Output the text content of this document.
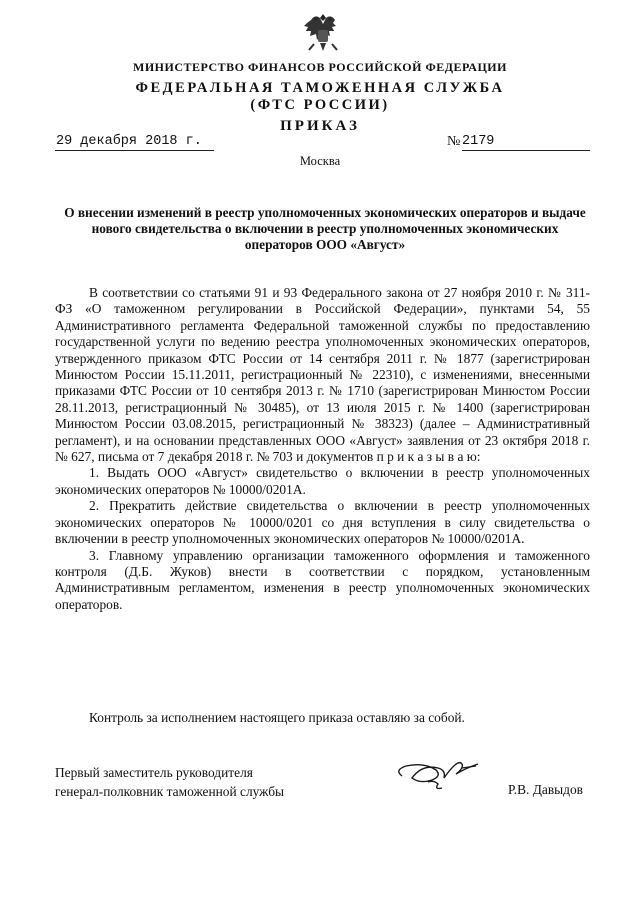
МИНИСТЕРСТВО ФИНАНСОВ РОССИЙСКОЙ ФЕДЕРАЦИИ
ФЕДЕРАЛЬНАЯ ТАМОЖЕННАЯ СЛУЖБА
(ФТС РОССИИ)
ПРИКАЗ
29 декабря 2018 г.	№ 2179
Москва
О внесении изменений в реестр уполномоченных экономических операторов и выдаче нового свидетельства о включении в реестр уполномоченных экономических операторов ООО «Август»

В соответствии со статьями 91 и 93 Федерального закона от 27 ноября 2010 г. № 311-ФЗ «О таможенном регулировании в Российской Федерации», пунктами 54, 55 Административного регламента Федеральной таможенной службы по предоставлению государственной услуги по ведению реестра уполномоченных экономических операторов, утвержденного приказом ФТС России от 14 сентября 2011 г. № 1877 (зарегистрирован Минюстом России 15.11.2011, регистрационный № 22310), с изменениями, внесенными приказами ФТС России от 10 сентября 2013 г. № 1710 (зарегистрирован Минюстом России 28.11.2013, регистрационный № 30485), от 13 июля 2015 г. № 1400 (зарегистрирован Минюстом России 03.08.2015, регистрационный № 38323) (далее – Административный регламент), и на основании представленных ООО «Август» заявления от 23 октября 2018 г. № 627, письма от 7 декабря 2018 г. № 703 и документов п р и к а з ы в а ю:

1. Выдать ООО «Август» свидетельство о включении в реестр уполномоченных экономических операторов № 10000/0201А.

2. Прекратить действие свидетельства о включении в реестр уполномоченных экономических операторов № 10000/0201 со дня вступления в силу свидетельства о включении в реестр уполномоченных экономических операторов № 10000/0201А.

3. Главному управлению организации таможенного оформления и таможенного контроля (Д.Б. Жуков) внести в соответствии с порядком, установленным Административным регламентом, изменения в реестр уполномоченных экономических операторов.

Контроль за исполнением настоящего приказа оставляю за собой.
Первый заместитель руководителя
генерал-полковник таможенной службы	Р.В. Давыдов
